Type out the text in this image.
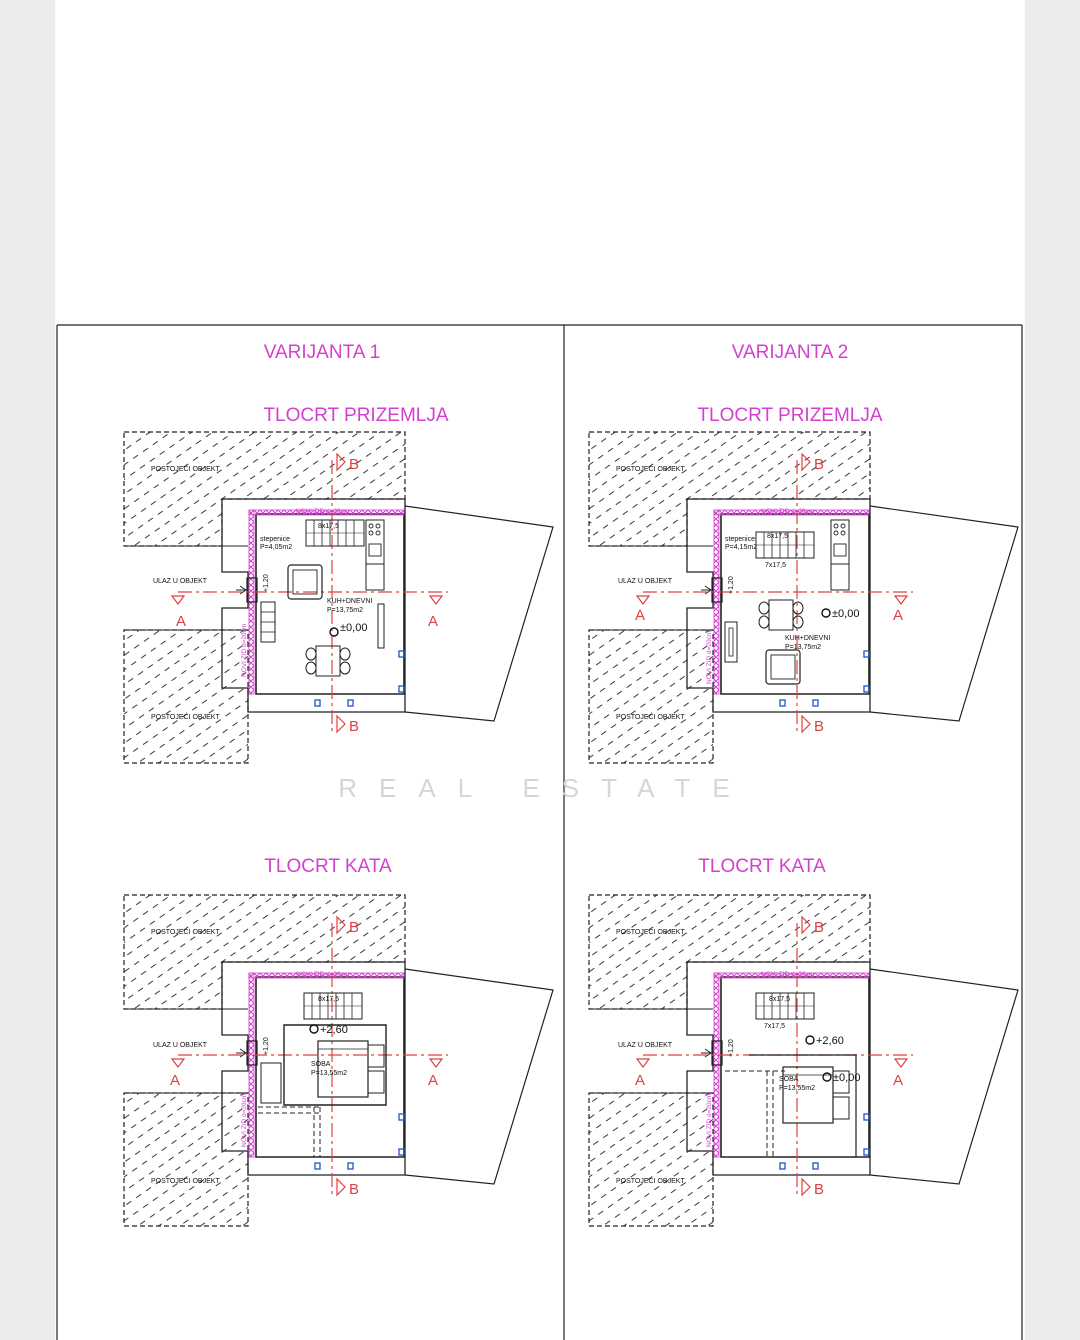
VARIJANTA 1	VARIJANTA 2
TLOCRT PRIZEMLJA	TLOCRT PRIZEMLJA
TLOCRT KATA	TLOCRT KATA
POSTOJEĆI OBJEKT
POSTOJEĆI OBJEKT
ULAZ U OBJEKT
NOVI ZID d=20cm
NOVI ZID d=20cm
A	A
B
B
stepenice
P=4,05m2
8x17,5
+1,20
KUH+DNEVNI
P=13,75m2
±0,00
POSTOJEĆI OBJEKT
POSTOJEĆI OBJEKT
ULAZ U OBJEKT
NOVI ZID d=20cm
NOVI ZID d=20cm
A	A
B
B
stepenice
P=4,15m2
8x17,5
7x17,5
+1,20
KUH+DNEVNI
P=13,75m2
±0,00
POSTOJEĆI OBJEKT
POSTOJEĆI OBJEKT
ULAZ U OBJEKT
NOVI ZID d=20cm
NOVI ZID d=20cm
A	A
B
B
8x17,5
SOBA
P=13,55m2
+2,60
+1,20
POSTOJEĆI OBJEKT
POSTOJEĆI OBJEKT
ULAZ U OBJEKT
NOVI ZID d=20cm
NOVI ZID d=20cm
A	A
B
B
8x17,5
7x17,5
SOBA
P=13,55m2
+2,60
±0,00
+1,20
REAL ESTATE
